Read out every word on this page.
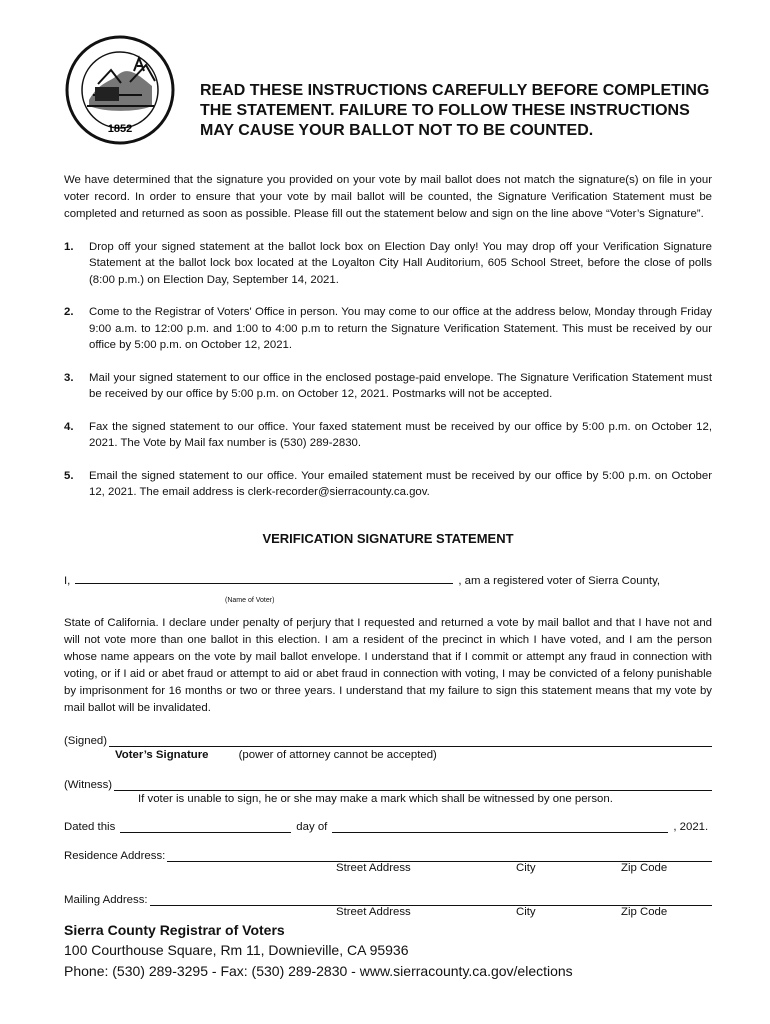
1852
READ THESE INSTRUCTIONS CAREFULLY BEFORE COMPLETING THE STATEMENT. FAILURE TO FOLLOW THESE INSTRUCTIONS MAY CAUSE YOUR BALLOT NOT TO BE COUNTED.

We have determined that the signature you provided on your vote by mail ballot does not match the signature(s) on file in your voter record. In order to ensure that your vote by mail ballot will be counted, the Signature Verification Statement must be completed and returned as soon as possible. Please fill out the statement below and sign on the line above “Voter’s Signature”.

1.	Drop off your signed statement at the ballot lock box on Election Day only! You may drop off your Verification Signature Statement at the ballot lock box located at the Loyalton City Hall Auditorium, 605 School Street, before the close of polls (8:00 p.m.) on Election Day, September 14, 2021.
2.	Come to the Registrar of Voters' Office in person. You may come to our office at the address below, Monday through Friday 9:00 a.m. to 12:00 p.m. and 1:00 to 4:00 p.m to return the Signature Verification Statement. This must be received by our office by 5:00 p.m. on October 12, 2021.
3.	Mail your signed statement to our office in the enclosed postage-paid envelope. The Signature Verification Statement must be received by our office by 5:00 p.m. on October 12, 2021. Postmarks will not be accepted.
4.	Fax the signed statement to our office. Your faxed statement must be received by our office by 5:00 p.m. on October 12, 2021. The Vote by Mail fax number is (530) 289-2830.
5.	Email the signed statement to our office. Your emailed statement must be received by our office by 5:00 p.m. on October 12, 2021. The email address is clerk-recorder@sierracounty.ca.gov.
VERIFICATION SIGNATURE STATEMENT
I,	, am a registered voter of Sierra County,
(Name of Voter)

State of California. I declare under penalty of perjury that I requested and returned a vote by mail ballot and that I have not and will not vote more than one ballot in this election. I am a resident of the precinct in which I have voted, and I am the person whose name appears on the vote by mail ballot envelope. I understand that if I commit or attempt any fraud in connection with voting, or if I aid or abet fraud or attempt to aid or abet fraud in connection with voting, I may be convicted of a felony punishable by imprisonment for 16 months or two or three years. I understand that my failure to sign this statement means that my vote by mail ballot will be invalidated.

(Signed)
Voter’s Signature	(power of attorney cannot be accepted)
(Witness)
If voter is unable to sign, he or she may make a mark which shall be witnessed by one person.
Dated this	day of	, 2021.
Residence Address:
Street Address	City	Zip Code
Mailing Address:
Street Address	City	Zip Code
Sierra County Registrar of Voters
100 Courthouse Square, Rm 11, Downieville, CA 95936
Phone: (530) 289-3295 - Fax: (530) 289-2830 - www.sierracounty.ca.gov/elections
